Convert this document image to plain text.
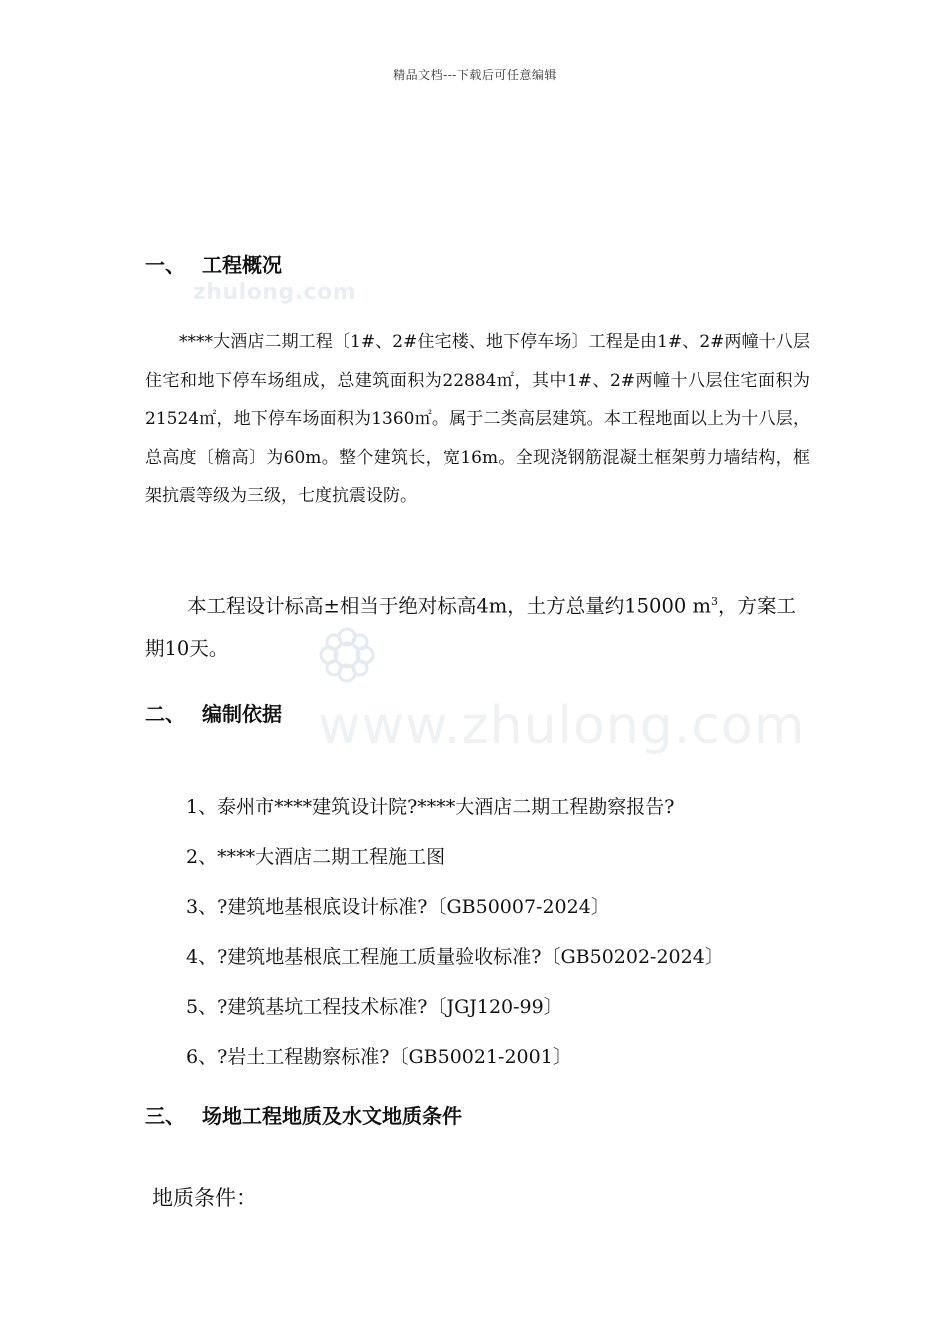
精品文档---下载后可任意编辑
zhulong.com
www.zhulong.com
一、 工程概况
****大酒店二期工程〔1#、2#住宅楼、地下停车场〕工程是由1#、2#两幢十八层住宅和地下停车场组成，总建筑面积为22884㎡，其中1#、2#两幢十八层住宅面积为21524㎡，地下停车场面积为1360㎡。属于二类高层建筑。本工程地面以上为十八层，总高度〔檐高〕为60m。整个建筑长，宽16m。全现浇钢筋混凝土框架剪力墙结构，框架抗震等级为三级，七度抗震设防。
本工程设计标高±相当于绝对标高4m，土方总量约15000 $m^3$，方案工期10天。
二、 编制依据
1、泰州市****建筑设计院?****大酒店二期工程勘察报告?
2、****大酒店二期工程施工图
3、?建筑地基根底设计标准?〔GB50007-2024〕
4、?建筑地基根底工程施工质量验收标准?〔GB50202-2024〕
5、?建筑基坑工程技术标准?〔JGJ120-99〕
6、?岩土工程勘察标准?〔GB50021-2001〕
三、 场地工程地质及水文地质条件
地质条件：
